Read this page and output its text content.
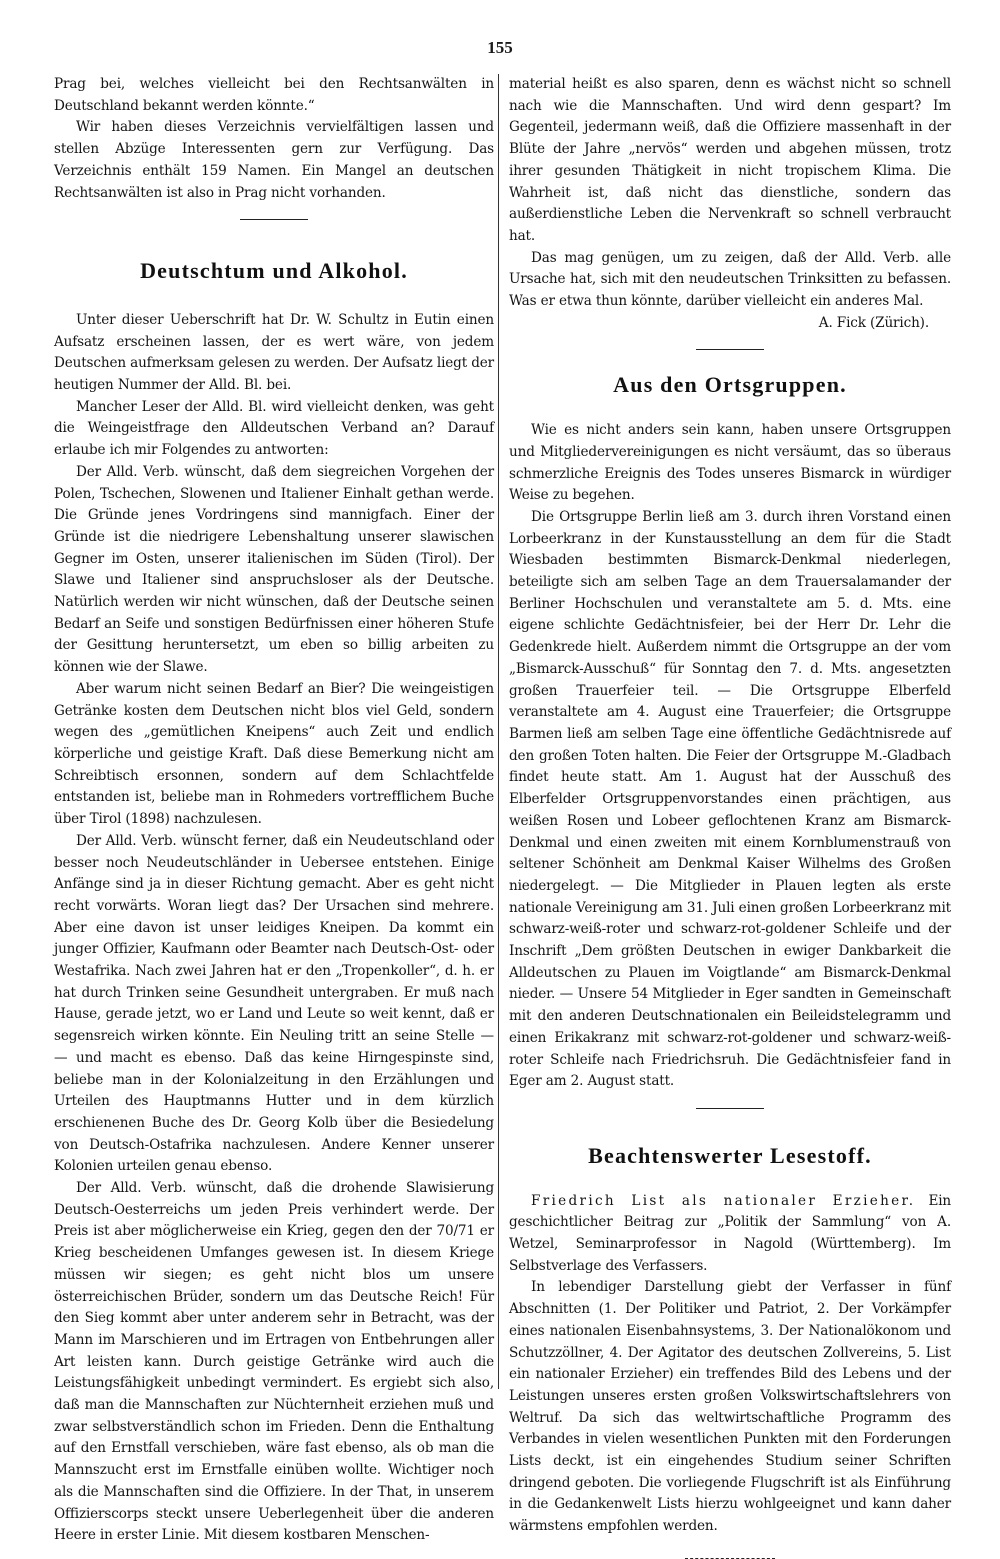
155

Prag bei, welches vielleicht bei den Rechtsanwälten in Deutschland bekannt werden könnte.“

Wir haben dieses Verzeichnis vervielfältigen lassen und stellen Abzüge Interessenten gern zur Verfügung. Das Verzeichnis enthält 159 Namen. Ein Mangel an deutschen Rechtsanwälten ist also in Prag nicht vorhanden.

Deutschtum und Alkohol.

Unter dieser Ueberschrift hat Dr. W. Schultz in Eutin einen Aufsatz erscheinen lassen, der es wert wäre, von jedem Deutschen aufmerksam gelesen zu werden. Der Aufsatz liegt der heutigen Nummer der Alld. Bl. bei.

Mancher Leser der Alld. Bl. wird vielleicht denken, was geht die Weingeistfrage den Alldeutschen Verband an? Darauf erlaube ich mir Folgendes zu antworten:

Der Alld. Verb. wünscht, daß dem siegreichen Vorgehen der Polen, Tschechen, Slowenen und Italiener Einhalt gethan werde. Die Gründe jenes Vordringens sind mannigfach. Einer der Gründe ist die niedrigere Lebenshaltung unserer slawischen Gegner im Osten, unserer italienischen im Süden (Tirol). Der Slawe und Italiener sind anspruchsloser als der Deutsche. Natürlich werden wir nicht wünschen, daß der Deutsche seinen Bedarf an Seife und sonstigen Bedürfnissen einer höheren Stufe der Gesittung heruntersetzt, um eben so billig arbeiten zu können wie der Slawe.

Aber warum nicht seinen Bedarf an Bier? Die weingeistigen Getränke kosten dem Deutschen nicht blos viel Geld, sondern wegen des „gemütlichen Kneipens“ auch Zeit und endlich körperliche und geistige Kraft. Daß diese Bemerkung nicht am Schreibtisch ersonnen, sondern auf dem Schlachtfelde entstanden ist, beliebe man in Rohmeders vortrefflichem Buche über Tirol (1898) nachzulesen.

Der Alld. Verb. wünscht ferner, daß ein Neudeutschland oder besser noch Neudeutschländer in Uebersee entstehen. Einige Anfänge sind ja in dieser Richtung gemacht. Aber es geht nicht recht vorwärts. Woran liegt das? Der Ursachen sind mehrere. Aber eine davon ist unser leidiges Kneipen. Da kommt ein junger Offizier, Kaufmann oder Beamter nach Deutsch-Ost- oder Westafrika. Nach zwei Jahren hat er den „Tropenkoller“, d. h. er hat durch Trinken seine Gesundheit untergraben. Er muß nach Hause, gerade jetzt, wo er Land und Leute so weit kennt, daß er segensreich wirken könnte. Ein Neuling tritt an seine Stelle — — und macht es ebenso. Daß das keine Hirngespinste sind, beliebe man in der Kolonialzeitung in den Erzählungen und Urteilen des Hauptmanns Hutter und in dem kürzlich erschienenen Buche des Dr. Georg Kolb über die Besiedelung von Deutsch-Ostafrika nachzulesen. Andere Kenner unserer Kolonien urteilen genau ebenso.

Der Alld. Verb. wünscht, daß die drohende Slawisierung Deutsch-Oesterreichs um jeden Preis verhindert werde. Der Preis ist aber möglicherweise ein Krieg, gegen den der 70/71 er Krieg bescheidenen Umfanges gewesen ist. In diesem Kriege müssen wir siegen; es geht nicht blos um unsere österreichischen Brüder, sondern um das Deutsche Reich! Für den Sieg kommt aber unter anderem sehr in Betracht, was der Mann im Marschieren und im Ertragen von Entbehrungen aller Art leisten kann. Durch geistige Getränke wird auch die Leistungsfähigkeit unbedingt vermindert. Es ergiebt sich also, daß man die Mannschaften zur Nüchternheit erziehen muß und zwar selbstverständlich schon im Frieden. Denn die Enthaltung auf den Ernstfall verschieben, wäre fast ebenso, als ob man die Mannszucht erst im Ernstfalle einüben wollte. Wichtiger noch als die Mannschaften sind die Offiziere. In der That, in unserem Offizierscorps steckt unsere Ueberlegenheit über die anderen Heere in erster Linie. Mit diesem kostbaren Menschen-

material heißt es also sparen, denn es wächst nicht so schnell nach wie die Mannschaften. Und wird denn gespart? Im Gegenteil, jedermann weiß, daß die Offiziere massenhaft in der Blüte der Jahre „nervös“ werden und abgehen müssen, trotz ihrer gesunden Thätigkeit in nicht tropischem Klima. Die Wahrheit ist, daß nicht das dienstliche, sondern das außerdienstliche Leben die Nervenkraft so schnell verbraucht hat.

Das mag genügen, um zu zeigen, daß der Alld. Verb. alle Ursache hat, sich mit den neudeutschen Trinksitten zu befassen. Was er etwa thun könnte, darüber vielleicht ein anderes Mal.
A. Fick (Zürich).

Aus den Ortsgruppen.

Wie es nicht anders sein kann, haben unsere Ortsgruppen und Mitgliedervereinigungen es nicht versäumt, das so überaus schmerzliche Ereignis des Todes unseres Bismarck in würdiger Weise zu begehen.

Die Ortsgruppe Berlin ließ am 3. durch ihren Vorstand einen Lorbeerkranz in der Kunstausstellung an dem für die Stadt Wiesbaden bestimmten Bismarck-Denkmal niederlegen, beteiligte sich am selben Tage an dem Trauersalamander der Berliner Hochschulen und veranstaltete am 5. d. Mts. eine eigene schlichte Gedächtnisfeier, bei der Herr Dr. Lehr die Gedenkrede hielt. Außerdem nimmt die Ortsgruppe an der vom „Bismarck-Ausschuß“ für Sonntag den 7. d. Mts. angesetzten großen Trauerfeier teil. — Die Ortsgruppe Elberfeld veranstaltete am 4. August eine Trauerfeier; die Ortsgruppe Barmen ließ am selben Tage eine öffentliche Gedächtnisrede auf den großen Toten halten. Die Feier der Ortsgruppe M.-Gladbach findet heute statt. Am 1. August hat der Ausschuß des Elberfelder Ortsgruppenvorstandes einen prächtigen, aus weißen Rosen und Lobeer geflochtenen Kranz am Bismarck-Denkmal und einen zweiten mit einem Kornblumenstrauß von seltener Schönheit am Denkmal Kaiser Wilhelms des Großen niedergelegt. — Die Mitglieder in Plauen legten als erste nationale Vereinigung am 31. Juli einen großen Lorbeerkranz mit schwarz-weiß-roter und schwarz-rot-goldener Schleife und der Inschrift „Dem größten Deutschen in ewiger Dankbarkeit die Alldeutschen zu Plauen im Voigtlande“ am Bismarck-Denkmal nieder. — Unsere 54 Mitglieder in Eger sandten in Gemeinschaft mit den anderen Deutschnationalen ein Beileidstelegramm und einen Erikakranz mit schwarz-rot-goldener und schwarz-weiß-roter Schleife nach Friedrichsruh. Die Gedächtnisfeier fand in Eger am 2. August statt.

Beachtenswerter Lesestoff.

Friedrich List als nationaler Erzieher. Ein geschichtlicher Beitrag zur „Politik der Sammlung“ von A. Wetzel, Seminarprofessor in Nagold (Württemberg). Im Selbstverlage des Verfassers.

In lebendiger Darstellung giebt der Verfasser in fünf Abschnitten (1. Der Politiker und Patriot, 2. Der Vorkämpfer eines nationalen Eisenbahnsystems, 3. Der Nationalökonom und Schutzzöllner, 4. Der Agitator des deutschen Zollvereins, 5. List ein nationaler Erzieher) ein treffendes Bild des Lebens und der Leistungen unseres ersten großen Volkswirtschaftslehrers von Weltruf. Da sich das weltwirtschaftliche Programm des Verbandes in vielen wesentlichen Punkten mit den Forderungen Lists deckt, ist ein eingehendes Studium seiner Schriften dringend geboten. Die vorliegende Flugschrift ist als Einführung in die Gedankenwelt Lists hierzu wohlgeeignet und kann daher wärmstens empfohlen werden.
